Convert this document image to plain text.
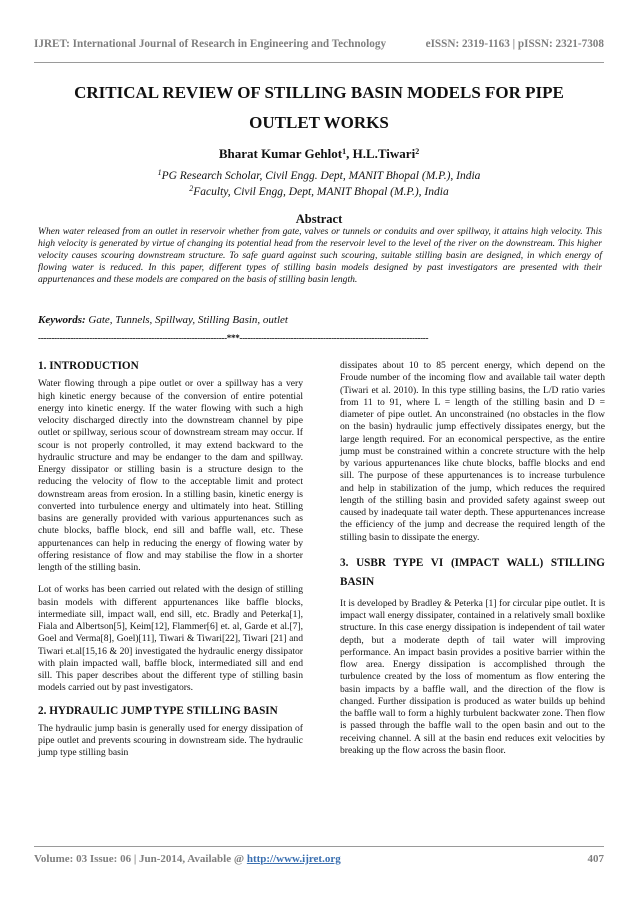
IJRET: International Journal of Research in Engineering and Technology	eISSN: 2319-1163 | pISSN: 2321-7308
CRITICAL REVIEW OF STILLING BASIN MODELS FOR PIPE
OUTLET WORKS
Bharat Kumar Gehlot$^1$, H.L.Tiwari$^2$
$^1$PG Research Scholar, Civil Engg. Dept, MANIT Bhopal (M.P.), India
$^2$Faculty, Civil Engg, Dept, MANIT Bhopal (M.P.), India
Abstract
When water released from an outlet in reservoir whether from gate, valves or tunnels or conduits and over spillway, it attains high velocity. This high velocity is generated by virtue of changing its potential head from the reservoir level to the level of the river on the downstream. This higher velocity causes scouring downstream structure. To safe guard against such scouring, suitable stilling basin are designed, in which energy of flowing water is reduced. In this paper, different types of stilling basin models designed by past investigators are presented with their appurtenances and these models are compared on the basis of stilling basin length.
Keywords: Gate, Tunnels, Spillway, Stilling Basin, outlet
----------------------------------------------------------------------***----------------------------------------------------------------------
1. INTRODUCTION

Water flowing through a pipe outlet or over a spillway has a very high kinetic energy because of the conversion of entire potential energy into kinetic energy. If the water flowing with such a high velocity discharged directly into the downstream channel by pipe outlet or spillway, serious scour of downstream stream may occur. If scour is not properly controlled, it may extend backward to the hydraulic structure and may be endanger to the dam and spillway. Energy dissipator or stilling basin is a structure design to the reducing the velocity of flow to the acceptable limit and protect downstream areas from erosion. In a stilling basin, kinetic energy is converted into turbulence energy and ultimately into heat. Stilling basins are generally provided with various appurtenances such as chute blocks, baffle block, end sill and baffle wall, etc. These appurtenances can help in reducing the energy of flowing water by offering resistance of flow and may stabilise the flow in a shorter length of the stilling basin.

Lot of works has been carried out related with the design of stilling basin models with different appurtenances like baffle blocks, intermediate sill, impact wall, end sill, etc. Bradly and Peterka[1], Fiala and Albertson[5], Keim[12], Flammer[6] et. al, Garde et al.[7], Goel and Verma[8], Goel)[11], Tiwari & Tiwari[22], Tiwari [21] and Tiwari et.al[15,16 & 20] investigated the hydraulic energy dissipator with plain impacted wall, baffle block, intermediated sill and end sill. This paper describes about the different type of stilling basin models carried out by past investigators.

2. HYDRAULIC JUMP TYPE STILLING BASIN

The hydraulic jump basin is generally used for energy dissipation of pipe outlet and prevents scouring in downstream side. The hydraulic jump type stilling basin

dissipates about 10 to 85 percent energy, which depend on the Froude number of the incoming flow and available tail water depth (Tiwari et al. 2010). In this type stilling basins, the L/D ratio varies from 11 to 91, where L = length of the stilling basin and D = diameter of pipe outlet. An unconstrained (no obstacles in the flow on the basin) hydraulic jump effectively dissipates energy, but the large length required. For an economical perspective, as the entire jump must be constrained within a concrete structure with the help by various appurtenances like chute blocks, baffle blocks and end sill. The purpose of these appurtenances is to increase turbulence and help in stabilization of the jump, which reduces the required length of the stilling basin and provided safety against sweep out caused by inadequate tail water depth. These appurtenances increase the efficiency of the jump and decrease the required length of the stilling basin to dissipate the energy.

3. USBR TYPE VI (IMPACT WALL) STILLING BASIN

It is developed by Bradley & Peterka [1] for circular pipe outlet. It is impact wall energy dissipater, contained in a relatively small boxlike structure. In this case energy dissipation is independent of tail water depth, but a moderate depth of tail water will improving performance. An impact basin provides a positive barrier within the flow area. Energy dissipation is accomplished through the turbulence created by the loss of momentum as flow entering the basin impacts by a baffle wall, and the direction of the flow is changed. Further dissipation is produced as water builds up behind the baffle wall to form a highly turbulent backwater zone. Then flow is passed through the baffle wall to the open basin and out to the receiving channel. A sill at the basin end reduces exit velocities by breaking up the flow across the basin floor.

Volume: 03 Issue: 06 | Jun-2014, Available @ http://www.ijret.org	407
